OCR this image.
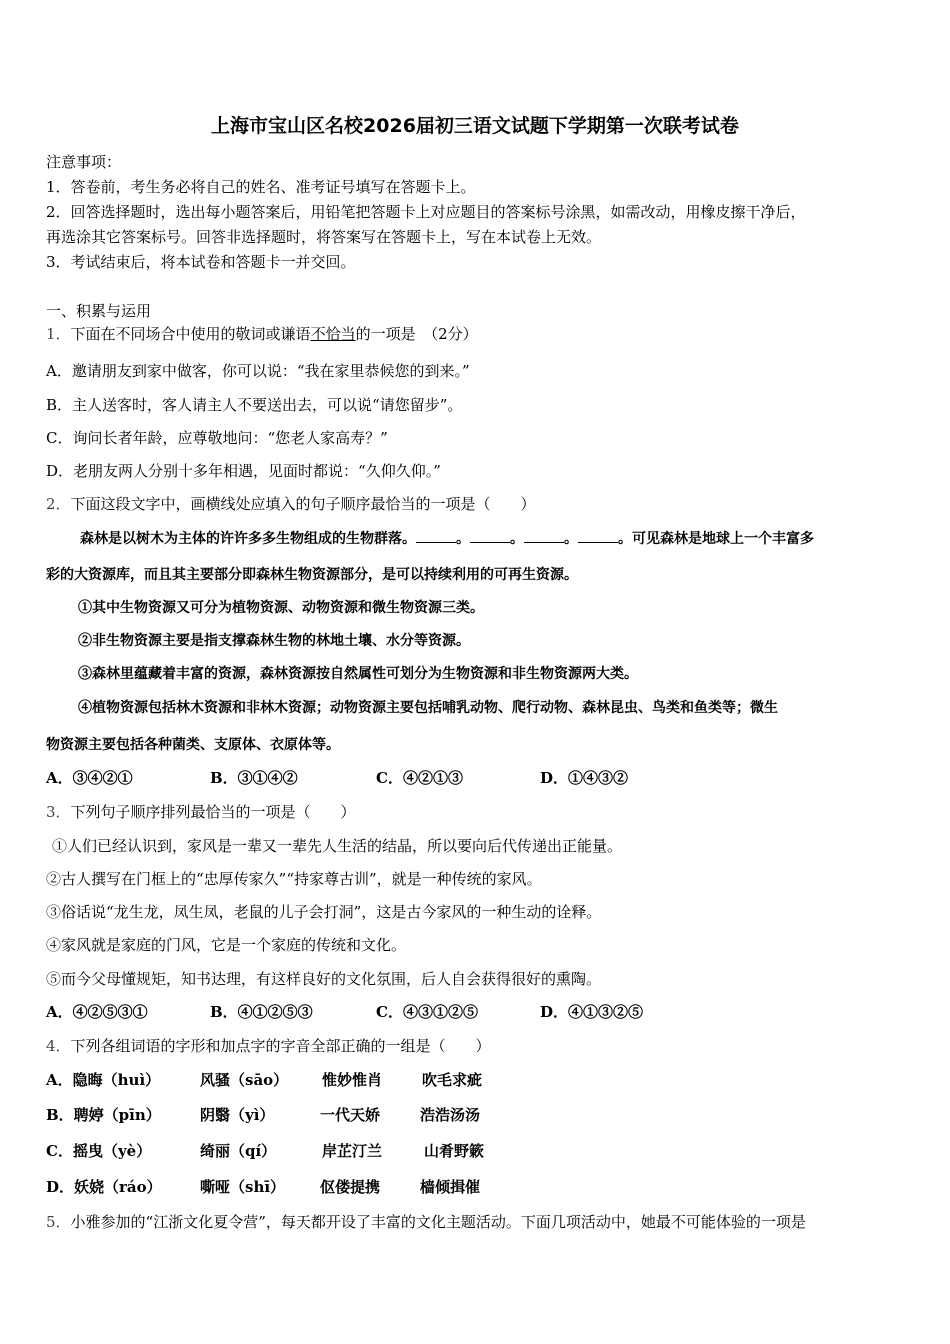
上海市宝山区名校2026届初三语文试题下学期第一次联考试卷
注意事项：
1．答卷前，考生务必将自己的姓名、准考证号填写在答题卡上。
2．回答选择题时，选出每小题答案后，用铅笔把答题卡上对应题目的答案标号涂黑，如需改动，用橡皮擦干净后，
再选涂其它答案标号。回答非选择题时，将答案写在答题卡上，写在本试卷上无效。
3．考试结束后，将本试卷和答题卡一并交回。
一、积累与运用
1．下面在不同场合中使用的敬词或谦语不恰当的一项是　（2分）
A．邀请朋友到家中做客，你可以说：“我在家里恭候您的到来。”
B．主人送客时，客人请主人不要送出去，可以说“请您留步”。
C．询问长者年龄，应尊敬地问：“您老人家高寿？”
D．老朋友两人分别十多年相遇，见面时都说：“久仰久仰。”
2．下面这段文字中，画横线处应填入的句子顺序最恰当的一项是（　　）
森林是以树木为主体的许许多多生物组成的生物群落。	。	。	。	。可见森林是地球上一个丰富多
彩的大资源库，而且其主要部分即森林生物资源部分，是可以持续利用的可再生资源。
①其中生物资源又可分为植物资源、动物资源和微生物资源三类。
②非生物资源主要是指支撑森林生物的林地土壤、水分等资源。
③森林里蕴藏着丰富的资源，森林资源按自然属性可划分为生物资源和非生物资源两大类。
④植物资源包括林木资源和非林木资源；动物资源主要包括哺乳动物、爬行动物、森林昆虫、鸟类和鱼类等；微生
物资源主要包括各种菌类、支原体、衣原体等。
A．③④②①	B．③①④②	C．④②①③	D．①④③②
3．下列句子顺序排列最恰当的一项是（　　）
①人们已经认识到，家风是一辈又一辈先人生活的结晶，所以要向后代传递出正能量。
②古人撰写在门框上的“忠厚传家久”“持家尊古训”，就是一种传统的家风。
③俗话说“龙生龙，凤生凤，老鼠的儿子会打洞”，这是古今家风的一种生动的诠释。
④家风就是家庭的门风，它是一个家庭的传统和文化。
⑤而今父母懂规矩，知书达理，有这样良好的文化氛围，后人自会获得很好的熏陶。
A．④②⑤③①	B．④①②⑤③	C．④③①②⑤	D．④①③②⑤
4．下列各组词语的字形和加点字的字音全部正确的一组是（　　）
A．隐晦（huì）	风骚（sāo） 惟妙惟肖	吹毛求疵
B．聘婷（pīn）	阴翳（yì）	一代天娇	浩浩汤汤
C．摇曳（yè）	绮丽（qí）	岸芷汀兰	山肴野簌
D．妖娆（ráo）	嘶哑（shī） 伛偻提携	樯倾揖催
5．小雅参加的“江浙文化夏令营”，每天都开设了丰富的文化主题活动。下面几项活动中，她最不可能体验的一项是
